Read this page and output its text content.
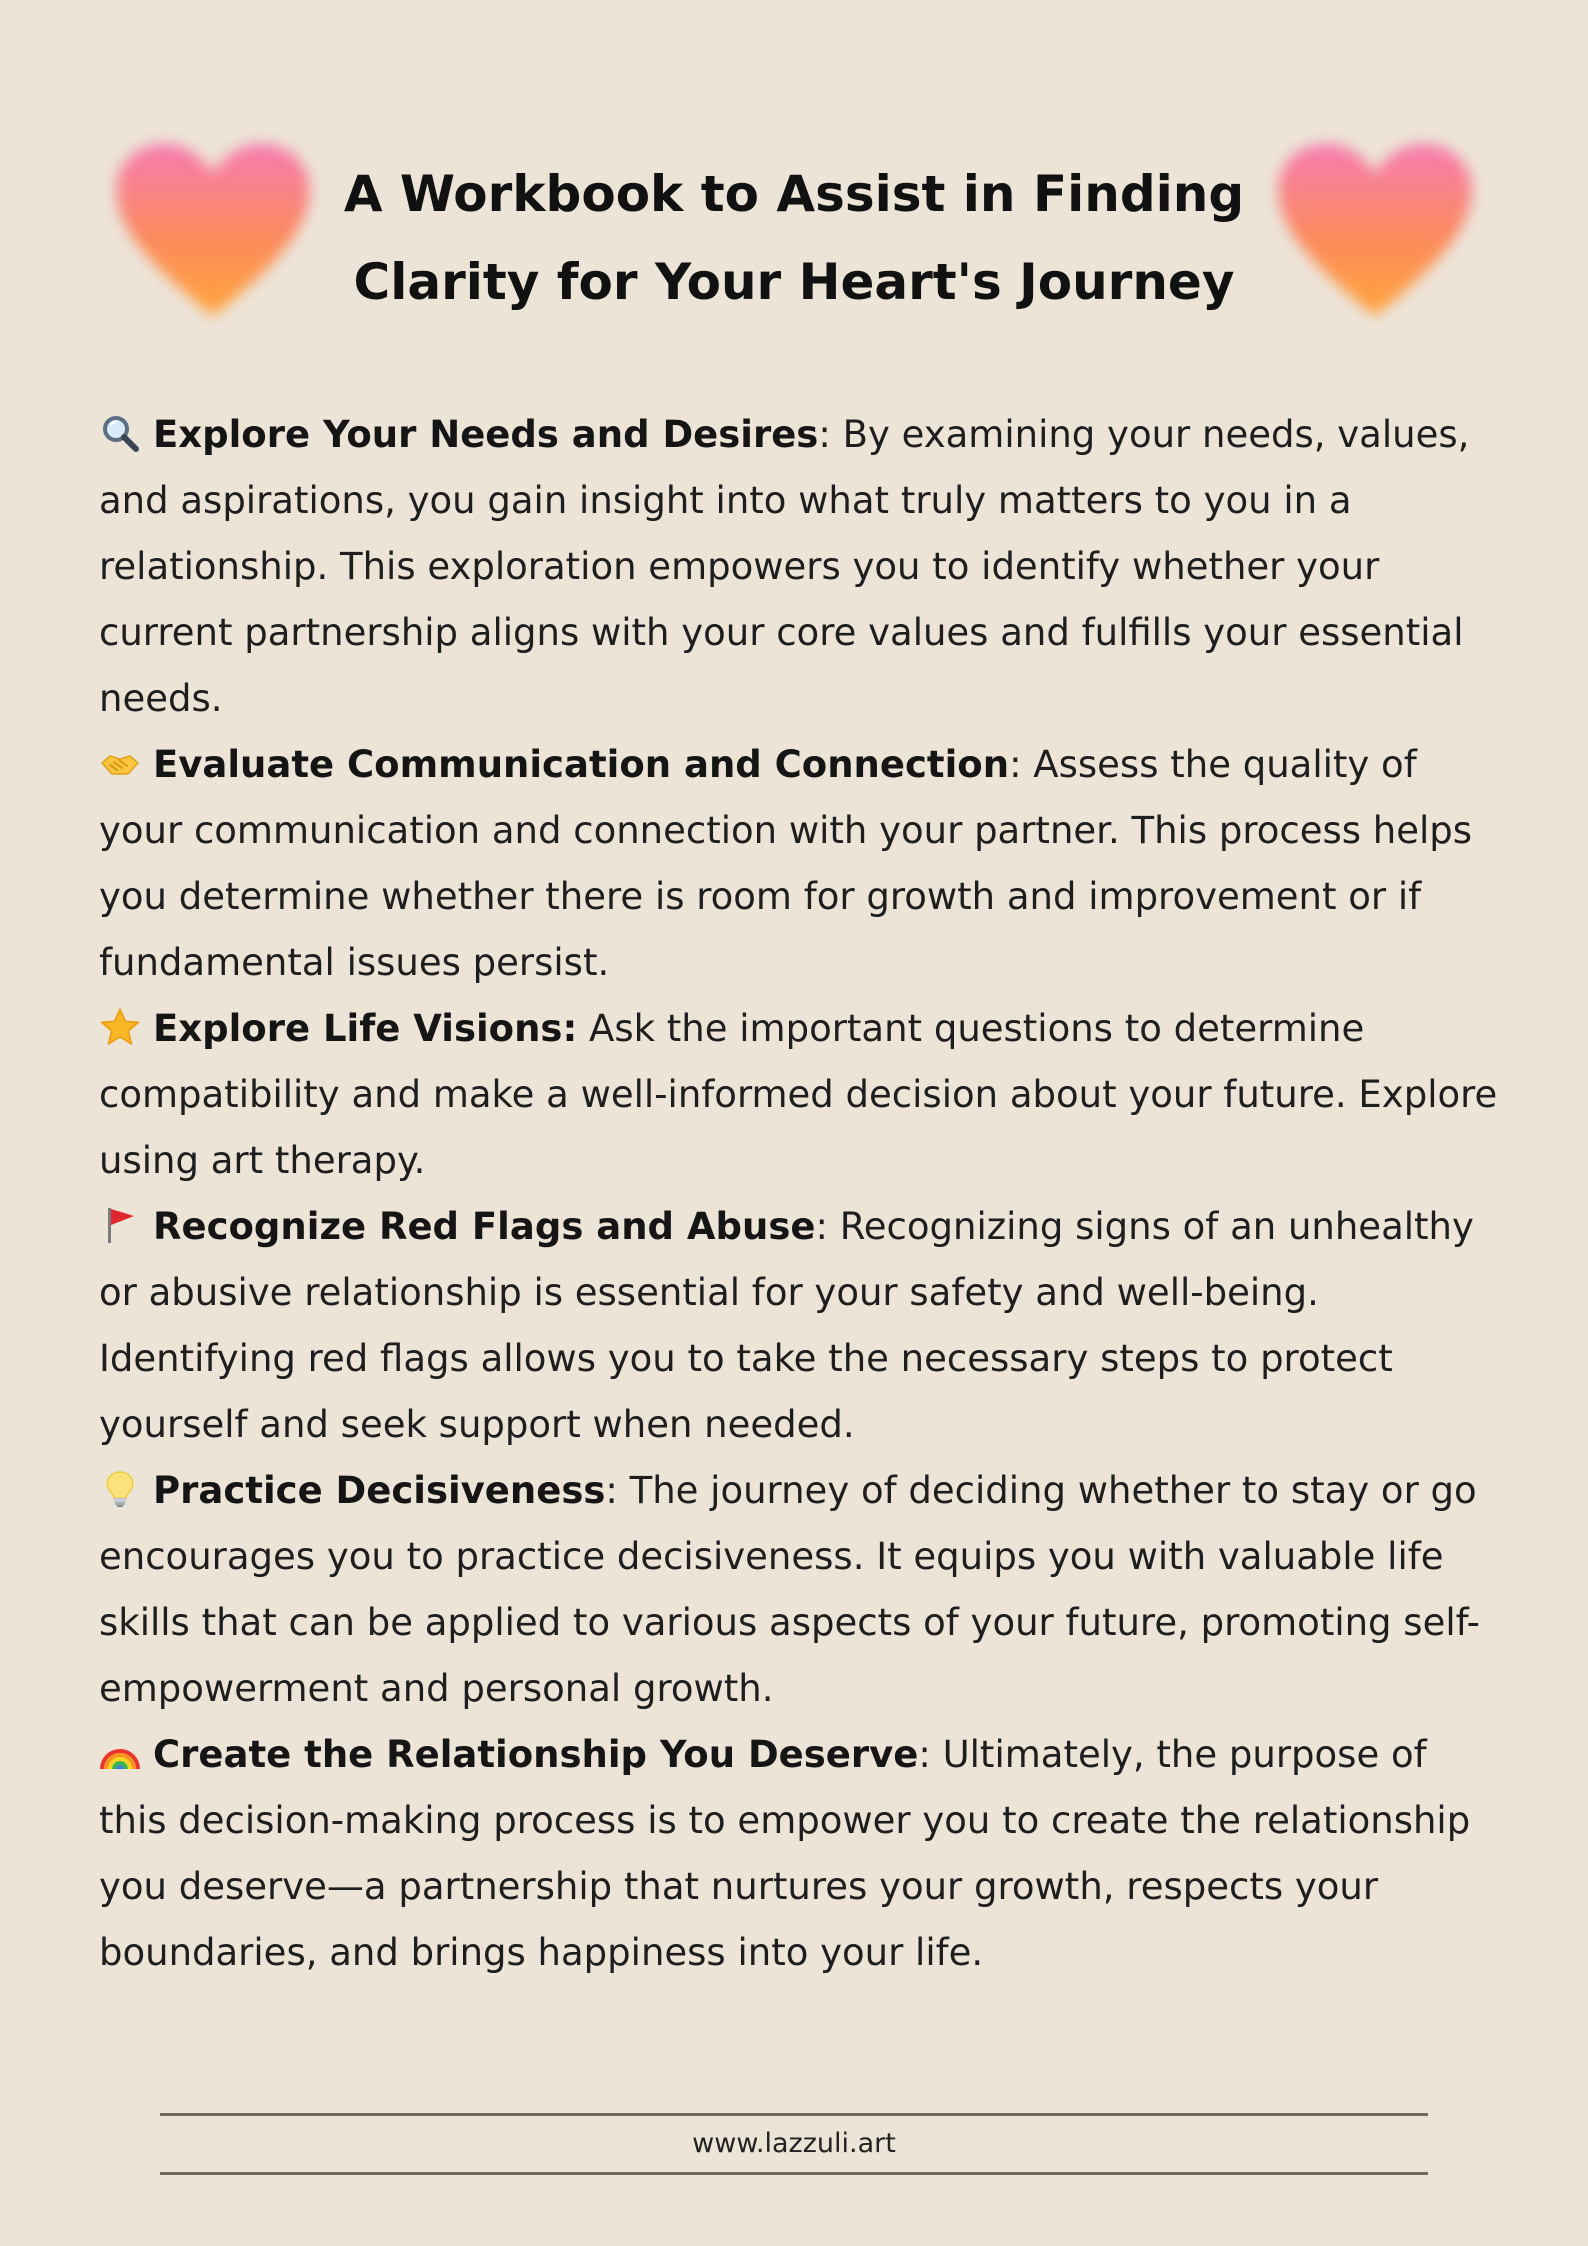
A Workbook to Assist in Finding
Clarity for Your Heart's Journey

Explore Your Needs and Desires: By examining your needs, values, and aspirations, you gain insight into what truly matters to you in a relationship. This exploration empowers you to identify whether your current partnership aligns with your core values and fulfills your essential needs.

Evaluate Communication and Connection: Assess the quality of your communication and connection with your partner. This process helps you determine whether there is room for growth and improvement or if fundamental issues persist.

Explore Life Visions: Ask the important questions to determine compatibility and make a well-informed decision about your future. Explore using art therapy.

Recognize Red Flags and Abuse: Recognizing signs of an unhealthy or abusive relationship is essential for your safety and well-being. Identifying red flags allows you to take the necessary steps to protect yourself and seek support when needed.

Practice Decisiveness: The journey of deciding whether to stay or go encourages you to practice decisiveness. It equips you with valuable life skills that can be applied to various aspects of your future, promoting self-empowerment and personal growth.

Create the Relationship You Deserve: Ultimately, the purpose of this decision-making process is to empower you to create the relationship you deserve—a partnership that nurtures your growth, respects your boundaries, and brings happiness into your life.

www.lazzuli.art
